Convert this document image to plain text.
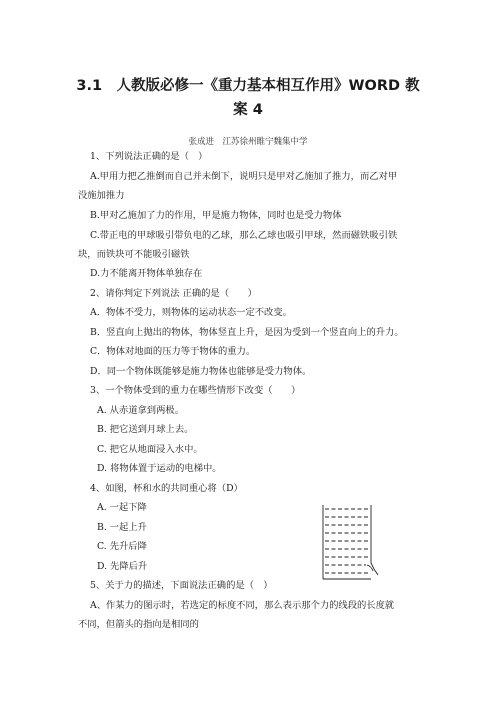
3.1　人教版必修一《重力基本相互作用》WORD 教
案 4
张成进　江苏徐州睢宁魏集中学
1、下列说法正确的是（　）
A.甲用力把乙推倒而自己并未倒下，说明只是甲对乙施加了推力，而乙对甲
没施加推力
B.甲对乙施加了力的作用，甲是施力物体，同时也是受力物体
C.带正电的甲球吸引带负电的乙球，那么乙球也吸引甲球，然而磁铁吸引铁
块，而铁块可不能吸引磁铁
D.力不能离开物体单独存在
2、请你判定下列说法 正确的是（　　）
A．物体不受力，则物体的运动状态一定不改变。
B．竖直向上抛出的物体，物体竖直上升，是因为受到一个竖直向上的升力。
C．物体对地面的压力等于物体的重力。
D．同一个物体既能够是施力物体也能够是受力物体。
3、一个物体受到的重力在哪些情形下改变（　　）
A. 从赤道拿到两极。
B. 把它送到月球上去。
C. 把它从地面浸入水中。
D. 将物体置于运动的电梯中。
4、如图，杯和水的共同重心将（D）
A. 一起下降
B. 一起上升
C. 先升后降
D. 先降后升
5、关于力的描述，下面说法正确的是（　）
A、作某力的图示时，若选定的标度不同，那么表示那个力的线段的长度就
不同，但箭头的指向是相同的
